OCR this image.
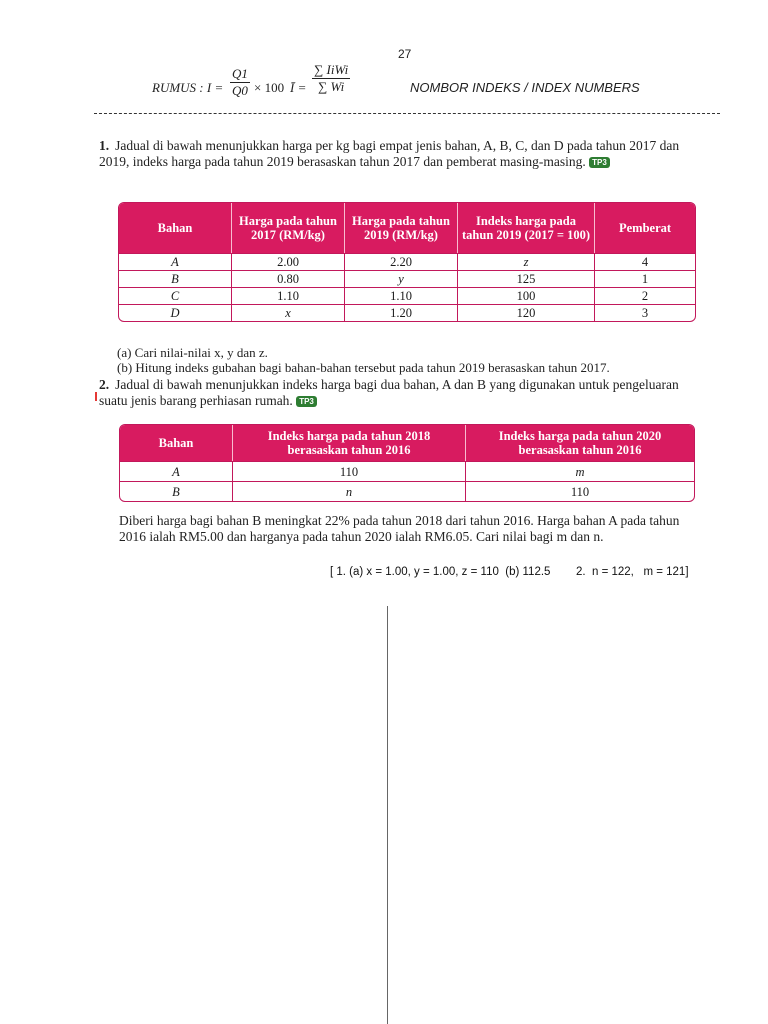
27
RUMUS : $I = \frac{Q1}{Q0} \times 100$ Ī =
∑ IiWi
∑ Wi	NOMBOR INDEKS / INDEX NUMBERS
1. Jadual di bawah menunjukkan harga per kg bagi empat jenis bahan, A, B, C, dan D pada tahun 2017 dan 2019, indeks harga pada tahun 2019 berasaskan tahun 2017 dan pemberat masing-masing. TP3
Bahan	Harga pada tahun 2017 (RM/kg)	Harga pada tahun 2019 (RM/kg)	Indeks harga pada tahun 2019 (2017 = 100)	Pemberat
A	2.00	2.20	z	4
B	0.80	y	125	1
C	1.10	1.10	100	2
D	x	1.20	120	3
(a) Cari nilai-nilai x, y dan z.
(b) Hitung indeks gubahan bagi bahan-bahan tersebut pada tahun 2019 berasaskan tahun 2017.
2. Jadual di bawah menunjukkan indeks harga bagi dua bahan, A dan B yang digunakan untuk pengeluaran suatu jenis barang perhiasan rumah. TP3
Bahan	Indeks harga pada tahun 2018 berasaskan tahun 2016	Indeks harga pada tahun 2020 berasaskan tahun 2016
A	110	m
B	n	110
Diberi harga bagi bahan B meningkat 22% pada tahun 2018 dari tahun 2016. Harga bahan A pada tahun 2016 ialah RM5.00 dan harganya pada tahun 2020 ialah RM6.05. Cari nilai bagi m dan n.
[ 1. (a) x = 1.00, y = 1.00, z = 110  (b) 112.5        2.  n = 122,   m = 121]
